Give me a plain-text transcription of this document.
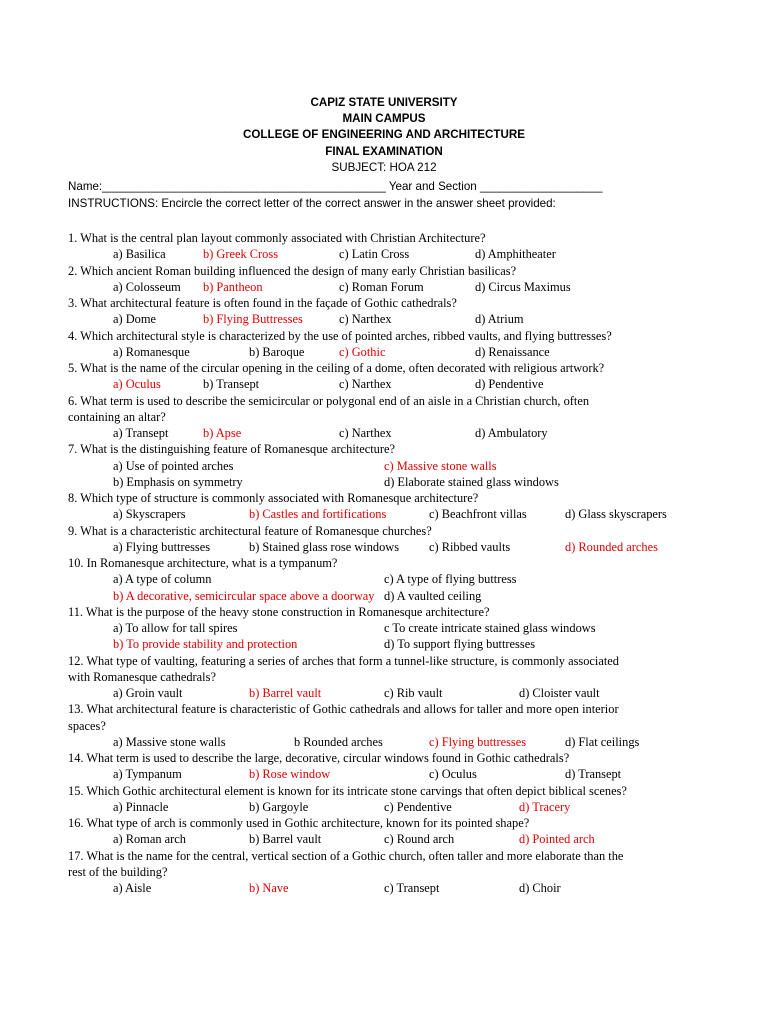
CAPIZ STATE UNIVERSITY
MAIN CAMPUS
COLLEGE OF ENGINEERING AND ARCHITECTURE
FINAL EXAMINATION
SUBJECT: HOA 212
Name:____________________________________________ Year and Section ___________________
INSTRUCTIONS: Encircle the correct letter of the correct answer in the answer sheet provided:
1. What is the central plan layout commonly associated with Christian Architecture?
a) Basilica	b) Greek Cross	c) Latin Cross	d) Amphitheater
2. Which ancient Roman building influenced the design of many early Christian basilicas?
a) Colosseum b) Pantheon	c) Roman Forum	d) Circus Maximus
3. What architectural feature is often found in the façade of Gothic cathedrals?
a) Dome	b) Flying Buttresses	c) Narthex	d) Atrium
4. Which architectural style is characterized by the use of pointed arches, ribbed vaults, and flying buttresses?
a) Romanesque	b) Baroque	c) Gothic	d) Renaissance
5. What is the name of the circular opening in the ceiling of a dome, often decorated with religious artwork?
a) Oculus	b) Transept	c) Narthex	d) Pendentive
6. What term is used to describe the semicircular or polygonal end of an aisle in a Christian church, often
containing an altar?
a) Transept	b) Apse	c) Narthex	d) Ambulatory
7. What is the distinguishing feature of Romanesque architecture?
a) Use of pointed arches	c) Massive stone walls
b) Emphasis on symmetry	d) Elaborate stained glass windows
8. Which type of structure is commonly associated with Romanesque architecture?
a) Skyscrapers	b) Castles and fortifications	c) Beachfront villas	d) Glass skyscrapers
9. What is a characteristic architectural feature of Romanesque churches?
a) Flying buttresses	b) Stained glass rose windows c) Ribbed vaults	d) Rounded arches
10. In Romanesque architecture, what is a tympanum?
a) A type of column	c) A type of flying buttress
b) A decorative, semicircular space above a doorway d) A vaulted ceiling
11. What is the purpose of the heavy stone construction in Romanesque architecture?
a) To allow for tall spires	c To create intricate stained glass windows
b) To provide stability and protection	d) To support flying buttresses
12. What type of vaulting, featuring a series of arches that form a tunnel-like structure, is commonly associated
with Romanesque cathedrals?
a) Groin vault	b) Barrel vault	c) Rib vault	d) Cloister vault
13. What architectural feature is characteristic of Gothic cathedrals and allows for taller and more open interior
spaces?
a) Massive stone walls	b Rounded arches	c) Flying buttresses	d) Flat ceilings
14. What term is used to describe the large, decorative, circular windows found in Gothic cathedrals?
a) Tympanum	b) Rose window	c) Oculus	d) Transept
15. Which Gothic architectural element is known for its intricate stone carvings that often depict biblical scenes?
a) Pinnacle	b) Gargoyle	c) Pendentive	d) Tracery
16. What type of arch is commonly used in Gothic architecture, known for its pointed shape?
a) Roman arch	b) Barrel vault	c) Round arch	d) Pointed arch
17. What is the name for the central, vertical section of a Gothic church, often taller and more elaborate than the
rest of the building?
a) Aisle	b) Nave	c) Transept	d) Choir
